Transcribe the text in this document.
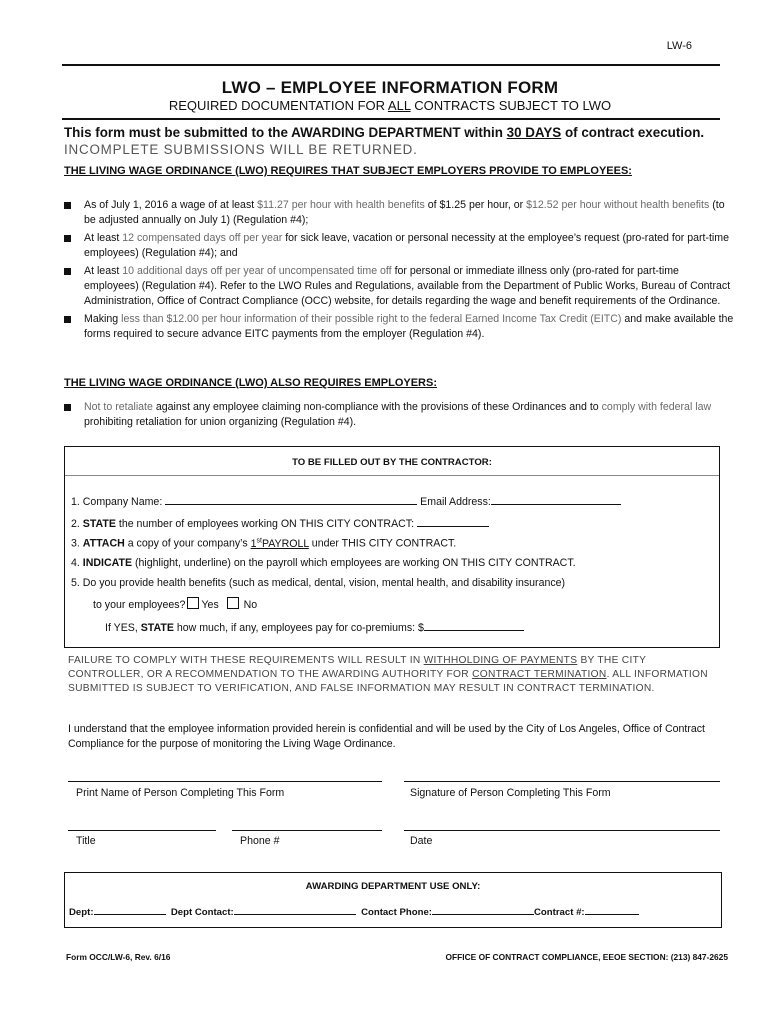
LW-6
LWO – EMPLOYEE INFORMATION FORM
REQUIRED DOCUMENTATION FOR ALL CONTRACTS SUBJECT TO LWO
This form must be submitted to the AWARDING DEPARTMENT within 30 DAYS of contract execution. INCOMPLETE SUBMISSIONS WILL BE RETURNED.
THE LIVING WAGE ORDINANCE (LWO) REQUIRES THAT SUBJECT EMPLOYERS PROVIDE TO EMPLOYEES:
As of July 1, 2016 a wage of at least $11.27 per hour with health benefits of $1.25 per hour, or $12.52 per hour without health benefits (to be adjusted annually on July 1) (Regulation #4);
At least 12 compensated days off per year for sick leave, vacation or personal necessity at the employee’s request (pro-rated for part-time employees) (Regulation #4); and
At least 10 additional days off per year of uncompensated time off for personal or immediate illness only (pro-rated for part-time employees) (Regulation #4). Refer to the LWO Rules and Regulations, available from the Department of Public Works, Bureau of Contract Administration, Office of Contract Compliance (OCC) website, for details regarding the wage and benefit requirements of the Ordinance.
Making less than $12.00 per hour information of their possible right to the federal Earned Income Tax Credit (EITC) and make available the forms required to secure advance EITC payments from the employer (Regulation #4).
THE LIVING WAGE ORDINANCE (LWO) ALSO REQUIRES EMPLOYERS:
Not to retaliate against any employee claiming non-compliance with the provisions of these Ordinances and to comply with federal law prohibiting retaliation for union organizing (Regulation #4).
TO BE FILLED OUT BY THE CONTRACTOR:
1. Company Name:	Email Address:
2. STATE the number of employees working ON THIS CITY CONTRACT:
3. ATTACH a copy of your company’s 1stPAYROLL under THIS CITY CONTRACT.
4. INDICATE (highlight, underline) on the payroll which employees are working ON THIS CITY CONTRACT.
5. Do you provide health benefits (such as medical, dental, vision, mental health, and disability insurance)
to your employees? Yes No
If YES, STATE how much, if any, employees pay for co-premiums: $
FAILURE TO COMPLY WITH THESE REQUIREMENTS WILL RESULT IN WITHHOLDING OF PAYMENTS BY THE CITY CONTROLLER, OR A RECOMMENDATION TO THE AWARDING AUTHORITY FOR CONTRACT TERMINATION. ALL INFORMATION SUBMITTED IS SUBJECT TO VERIFICATION, AND FALSE INFORMATION MAY RESULT IN CONTRACT TERMINATION.
I understand that the employee information provided herein is confidential and will be used by the City of Los Angeles, Office of Contract Compliance for the purpose of monitoring the Living Wage Ordinance.
Print Name of Person Completing This Form	Signature of Person Completing This Form
Title	Phone #	Date
AWARDING DEPARTMENT USE ONLY:
Dept:	Dept Contact:	Contact Phone:	Contract #:
Form OCC/LW-6, Rev. 6/16	OFFICE OF CONTRACT COMPLIANCE, EEOE SECTION: (213) 847-2625
